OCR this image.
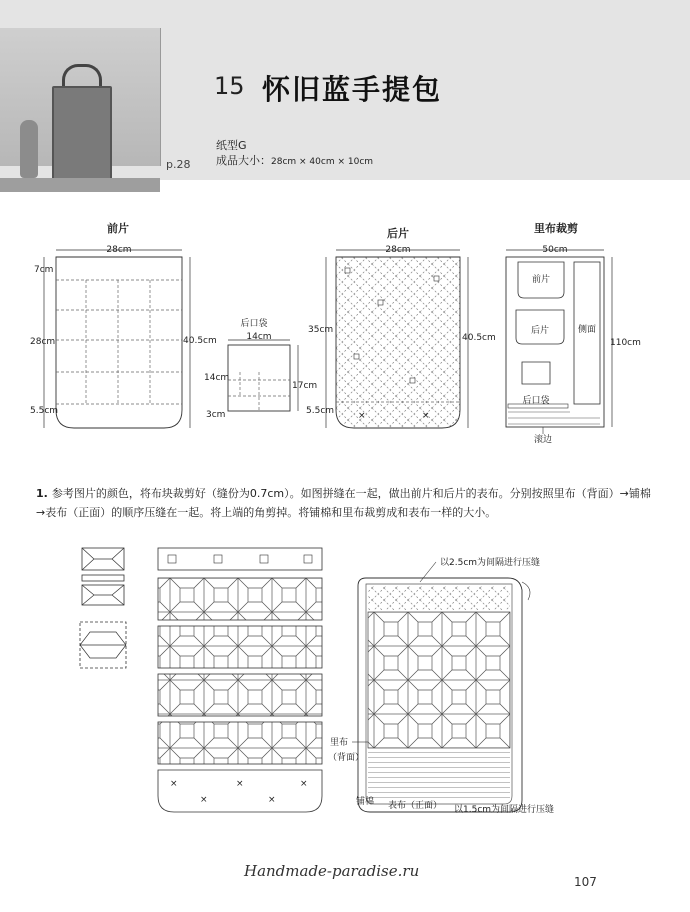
p.28
15 怀旧蓝手提包
纸型G
成品大小：28cm × 40cm × 10cm
前片
28cm
7cm
28cm
5.5cm
40.5cm
后口袋
14cm
14cm
3cm
17cm
后片
28cm
×	×
35cm
5.5cm
40.5cm
里布裁剪
50cm
前片
后片	侧面
后口袋
滚边
110cm
×	×
×	×
×
以2.5cm为间隔进行压缝
里布
（背面）
铺棉 表布（正面） 以1.5cm为间隔进行压缝
1. 参考图片的颜色，将布块裁剪好（缝份为0.7cm）。如图拼缝在一起，做出前片和后片的表布。分别按照里布（背面）→铺棉→表布（正面）的顺序压缝在一起。将上端的角剪掉。将铺棉和里布裁剪成和表布一样的大小。
Handmade-paradise.ru
107
